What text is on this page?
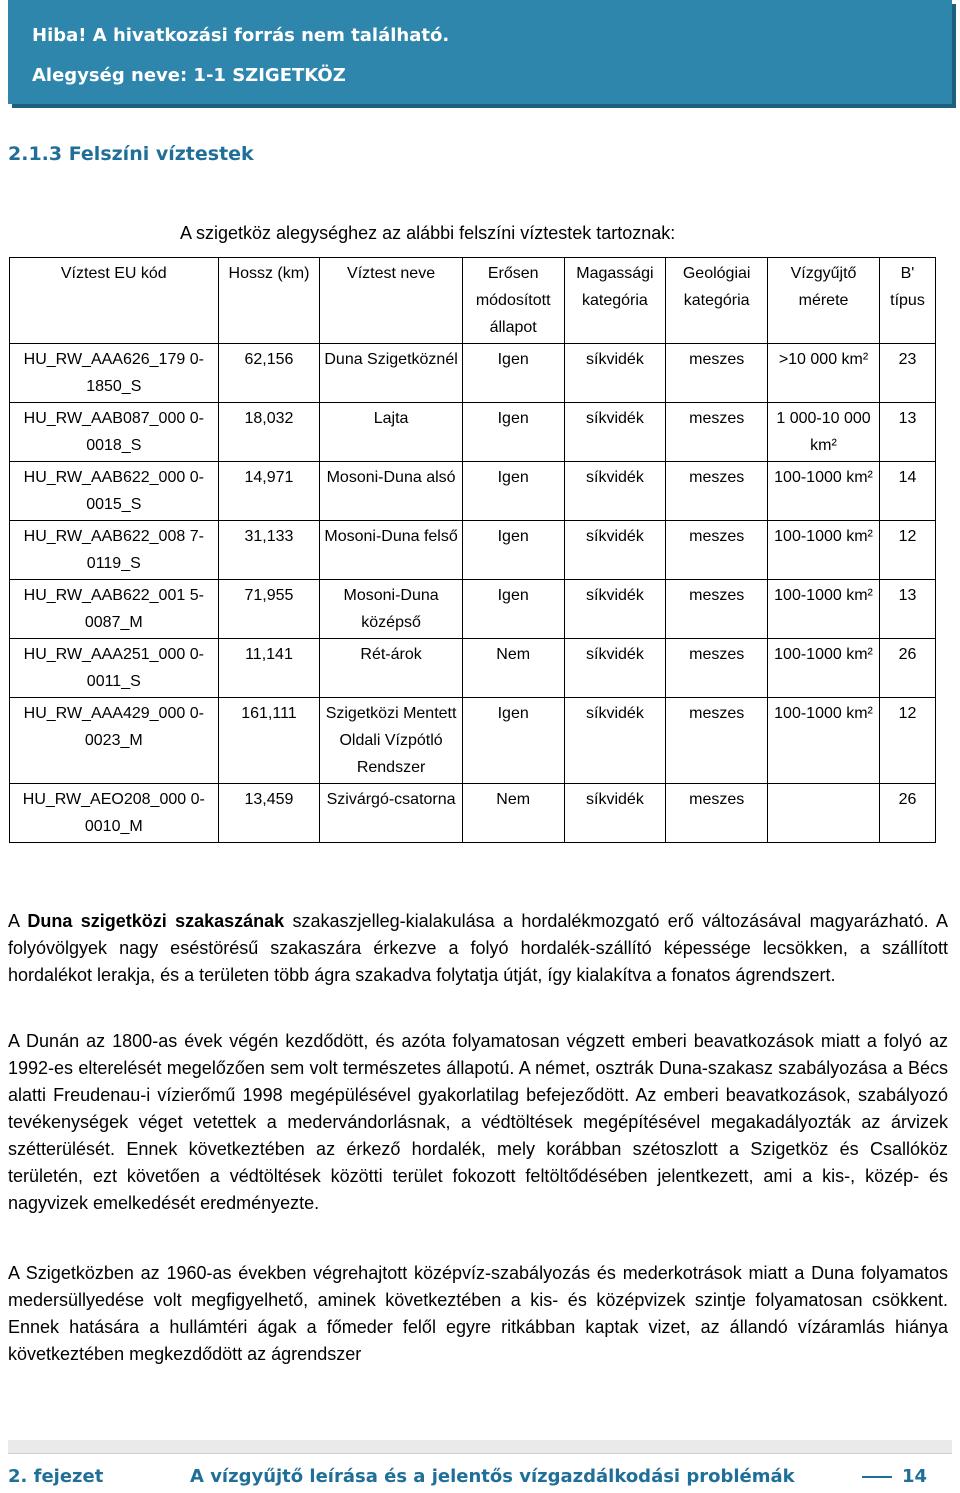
Hiba! A hivatkozási forrás nem található.
Alegység neve: 1-1 SZIGETKÖZ
2.1.3 Felszíni víztestek
A szigetköz alegységhez az alábbi felszíni víztestek tartoznak:
Víztest EU kód	Hossz (km)	Víztest neve	Erősen módosított állapot	Magassági kategória	Geológiai kategória	Vízgyűjtő mérete	B' típus
HU_RW_AAA626_179 0-1850_S	62,156	Duna Szigetköznél	Igen	síkvidék	meszes	>10 000 km²	23
HU_RW_AAB087_000 0-0018_S	18,032	Lajta	Igen	síkvidék	meszes	1 000-10 000 km²	13
HU_RW_AAB622_000 0-0015_S	14,971	Mosoni-Duna alsó	Igen	síkvidék	meszes	100-1000 km²	14
HU_RW_AAB622_008 7-0119_S	31,133	Mosoni-Duna felső	Igen	síkvidék	meszes	100-1000 km²	12
HU_RW_AAB622_001 5-0087_M	71,955	Mosoni-Duna középső	Igen	síkvidék	meszes	100-1000 km²	13
HU_RW_AAA251_000 0-0011_S	11,141	Rét-árok	Nem	síkvidék	meszes	100-1000 km²	26
HU_RW_AAA429_000 0-0023_M	161,111	Szigetközi Mentett Oldali Vízpótló Rendszer	Igen	síkvidék	meszes	100-1000 km²	12
HU_RW_AEO208_000 0-0010_M	13,459	Szivárgó-csatorna	Nem	síkvidék	meszes		26
A Duna szigetközi szakaszának szakaszjelleg-kialakulása a hordalékmozgató erő változásával magyarázható. A folyóvölgyek nagy eséstörésű szakaszára érkezve a folyó hordalék-szállító képessége lecsökken, a szállított hordalékot lerakja, és a területen több ágra szakadva folytatja útját, így kialakítva a fonatos ágrendszert.
A Dunán az 1800-as évek végén kezdődött, és azóta folyamatosan végzett emberi beavatkozások miatt a folyó az 1992-es elterelését megelőzően sem volt természetes állapotú. A német, osztrák Duna-szakasz szabályozása a Bécs alatti Freudenau-i vízierőmű 1998 megépülésével gyakorlatilag befejeződött. Az emberi beavatkozások, szabályozó tevékenységek véget vetettek a medervándorlásnak, a védtöltések megépítésével megakadályozták az árvizek szétterülését. Ennek következtében az érkező hordalék, mely korábban szétoszlott a Szigetköz és Csallóköz területén, ezt követően a védtöltések közötti terület fokozott feltöltődésében jelentkezett, ami a kis-, közép- és nagyvizek emelkedését eredményezte.
A Szigetközben az 1960-as években végrehajtott középvíz-szabályozás és mederkotrások miatt a Duna folyamatos medersüllyedése volt megfigyelhető, aminek következtében a kis- és középvizek szintje folyamatosan csökkent. Ennek hatására a hullámtéri ágak a főmeder felől egyre ritkábban kaptak vizet, az állandó vízáramlás hiánya következtében megkezdődött az ágrendszer
2. fejezet	A vízgyűjtő leírása és a jelentős vízgazdálkodási problémák	14
